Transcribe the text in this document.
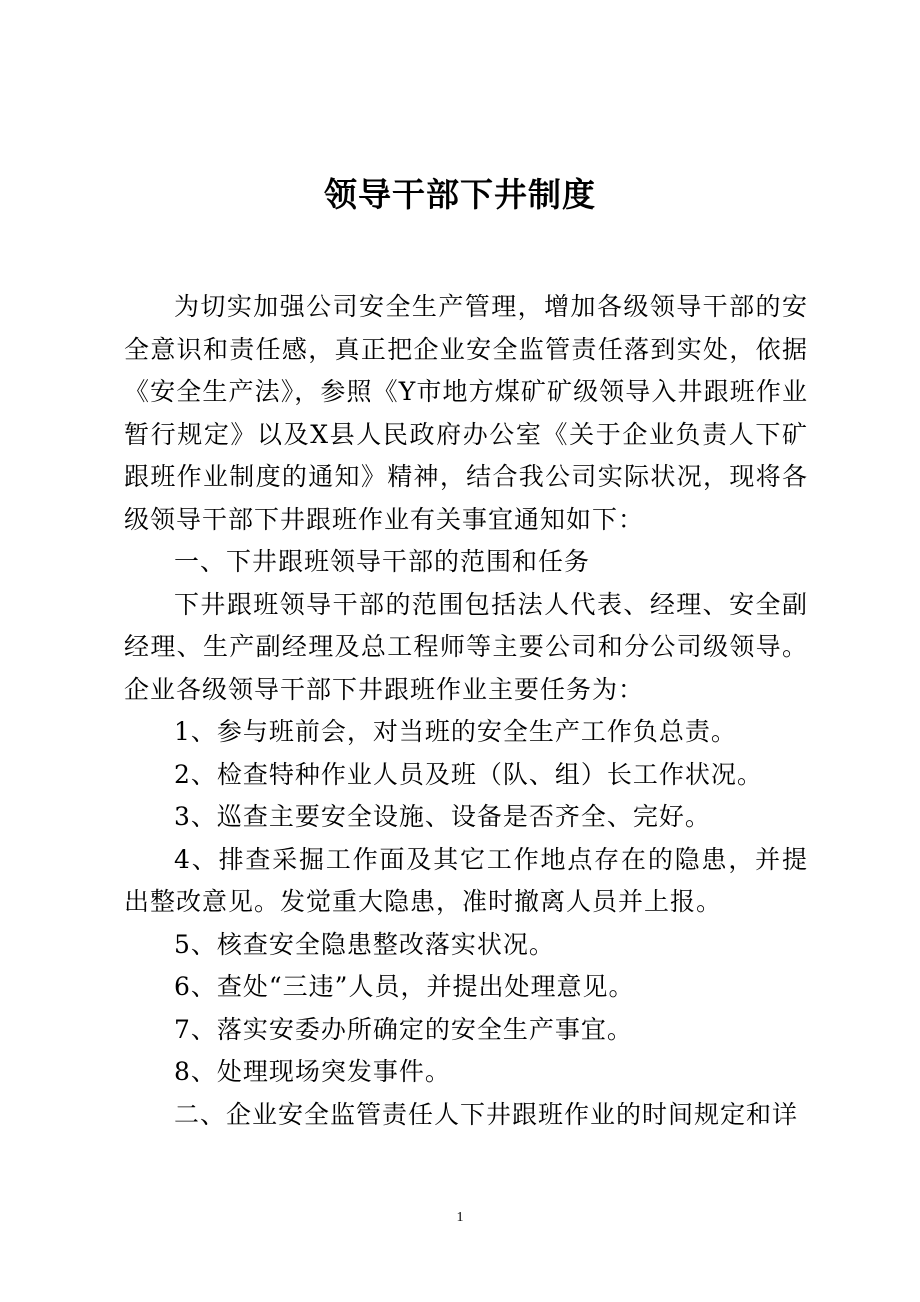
领导干部下井制度

为切实加强公司安全生产管理，增加各级领导干部的安全意识和责任感，真正把企业安全监管责任落到实处，依据《安全生产法》，参照《Y市地方煤矿矿级领导入井跟班作业暂行规定》以及X县人民政府办公室《关于企业负责人下矿跟班作业制度的通知》精神，结合我公司实际状况，现将各级领导干部下井跟班作业有关事宜通知如下：

一、下井跟班领导干部的范围和任务

下井跟班领导干部的范围包括法人代表、经理、安全副经理、生产副经理及总工程师等主要公司和分公司级领导。企业各级领导干部下井跟班作业主要任务为：

1、参与班前会，对当班的安全生产工作负总责。

2、检查特种作业人员及班（队、组）长工作状况。

3、巡查主要安全设施、设备是否齐全、完好。

4、排查采掘工作面及其它工作地点存在的隐患，并提出整改意见。发觉重大隐患，准时撤离人员并上报。

5、核查安全隐患整改落实状况。

6、查处“三违”人员，并提出处理意见。

7、落实安委办所确定的安全生产事宜。

8、处理现场突发事件。

二、企业安全监管责任人下井跟班作业的时间规定和详

1
